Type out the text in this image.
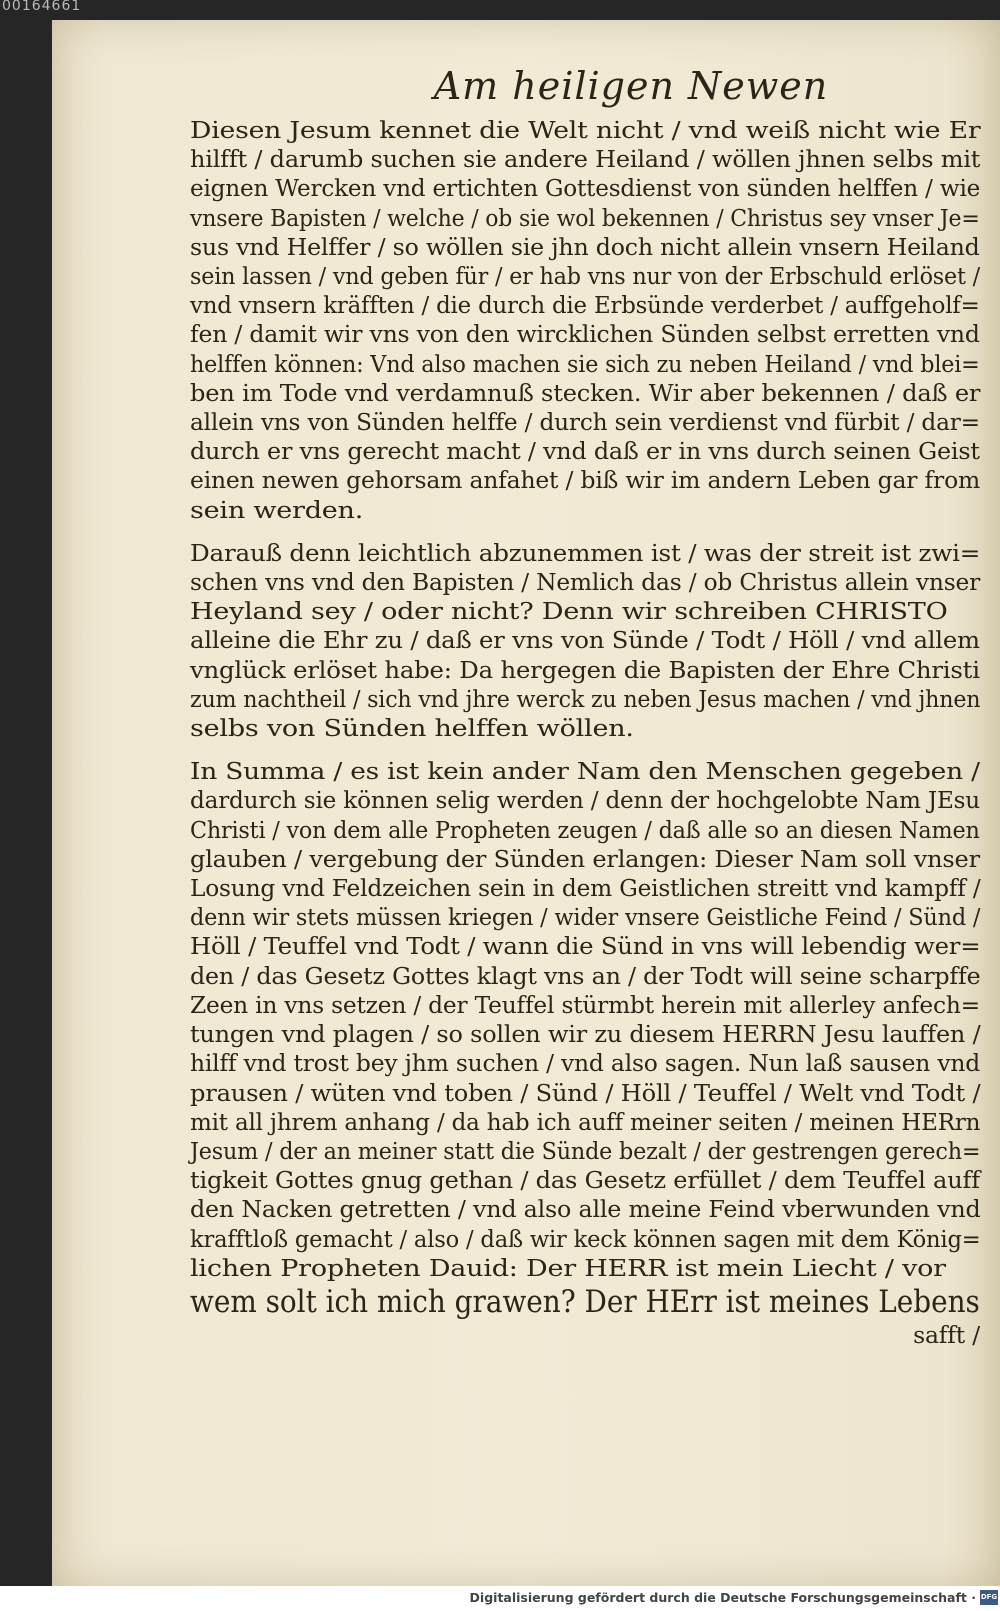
00164661
Am heiligen Newen
Diesen Jesum kennet die Welt nicht / vnd weiß nicht wie Er
hilfft / darumb suchen sie andere Heiland / wöllen jhnen selbs mit
eignen Wercken vnd ertichten Gottesdienst von sünden helffen / wie
vnsere Bapisten / welche / ob sie wol bekennen / Christus sey vnser Je=
sus vnd Helffer / so wöllen sie jhn doch nicht allein vnsern Heiland
sein lassen / vnd geben für / er hab vns nur von der Erbschuld erlöset /
vnd vnsern kräfften / die durch die Erbsünde verderbet / auffgeholf=
fen / damit wir vns von den wircklichen Sünden selbst erretten vnd
helffen können: Vnd also machen sie sich zu neben Heiland / vnd blei=
ben im Tode vnd verdamnuß stecken. Wir aber bekennen / daß er
allein vns von Sünden helffe / durch sein verdienst vnd fürbit / dar=
durch er vns gerecht macht / vnd daß er in vns durch seinen Geist
einen newen gehorsam anfahet / biß wir im andern Leben gar from
sein werden.
Darauß denn leichtlich abzunemmen ist / was der streit ist zwi=
schen vns vnd den Bapisten / Nemlich das / ob Christus allein vnser
Heyland sey / oder nicht? Denn wir schreiben CHRISTO
alleine die Ehr zu / daß er vns von Sünde / Todt / Höll / vnd allem
vnglück erlöset habe: Da hergegen die Bapisten der Ehre Christi
zum nachtheil / sich vnd jhre werck zu neben Jesus machen / vnd jhnen
selbs von Sünden helffen wöllen.
In Summa / es ist kein ander Nam den Menschen gegeben /
dardurch sie können selig werden / denn der hochgelobte Nam JEsu
Christi / von dem alle Propheten zeugen / daß alle so an diesen Namen
glauben / vergebung der Sünden erlangen: Dieser Nam soll vnser
Losung vnd Feldzeichen sein in dem Geistlichen streitt vnd kampff /
denn wir stets müssen kriegen / wider vnsere Geistliche Feind / Sünd /
Höll / Teuffel vnd Todt / wann die Sünd in vns will lebendig wer=
den / das Gesetz Gottes klagt vns an / der Todt will seine scharpffe
Zeen in vns setzen / der Teuffel stürmbt herein mit allerley anfech=
tungen vnd plagen / so sollen wir zu diesem HERRN Jesu lauffen /
hilff vnd trost bey jhm suchen / vnd also sagen. Nun laß sausen vnd
prausen / wüten vnd toben / Sünd / Höll / Teuffel / Welt vnd Todt /
mit all jhrem anhang / da hab ich auff meiner seiten / meinen HERrn
Jesum / der an meiner statt die Sünde bezalt / der gestrengen gerech=
tigkeit Gottes gnug gethan / das Gesetz erfüllet / dem Teuffel auff
den Nacken getretten / vnd also alle meine Feind vberwunden vnd
krafftloß gemacht / also / daß wir keck können sagen mit dem König=
lichen Propheten Dauid: Der HERR ist mein Liecht / vor
wem solt ich mich grawen? Der HErr ist meines Lebens
safft /
Digitalisierung gefördert durch die Deutsche Forschungsgemeinschaft · DFG
